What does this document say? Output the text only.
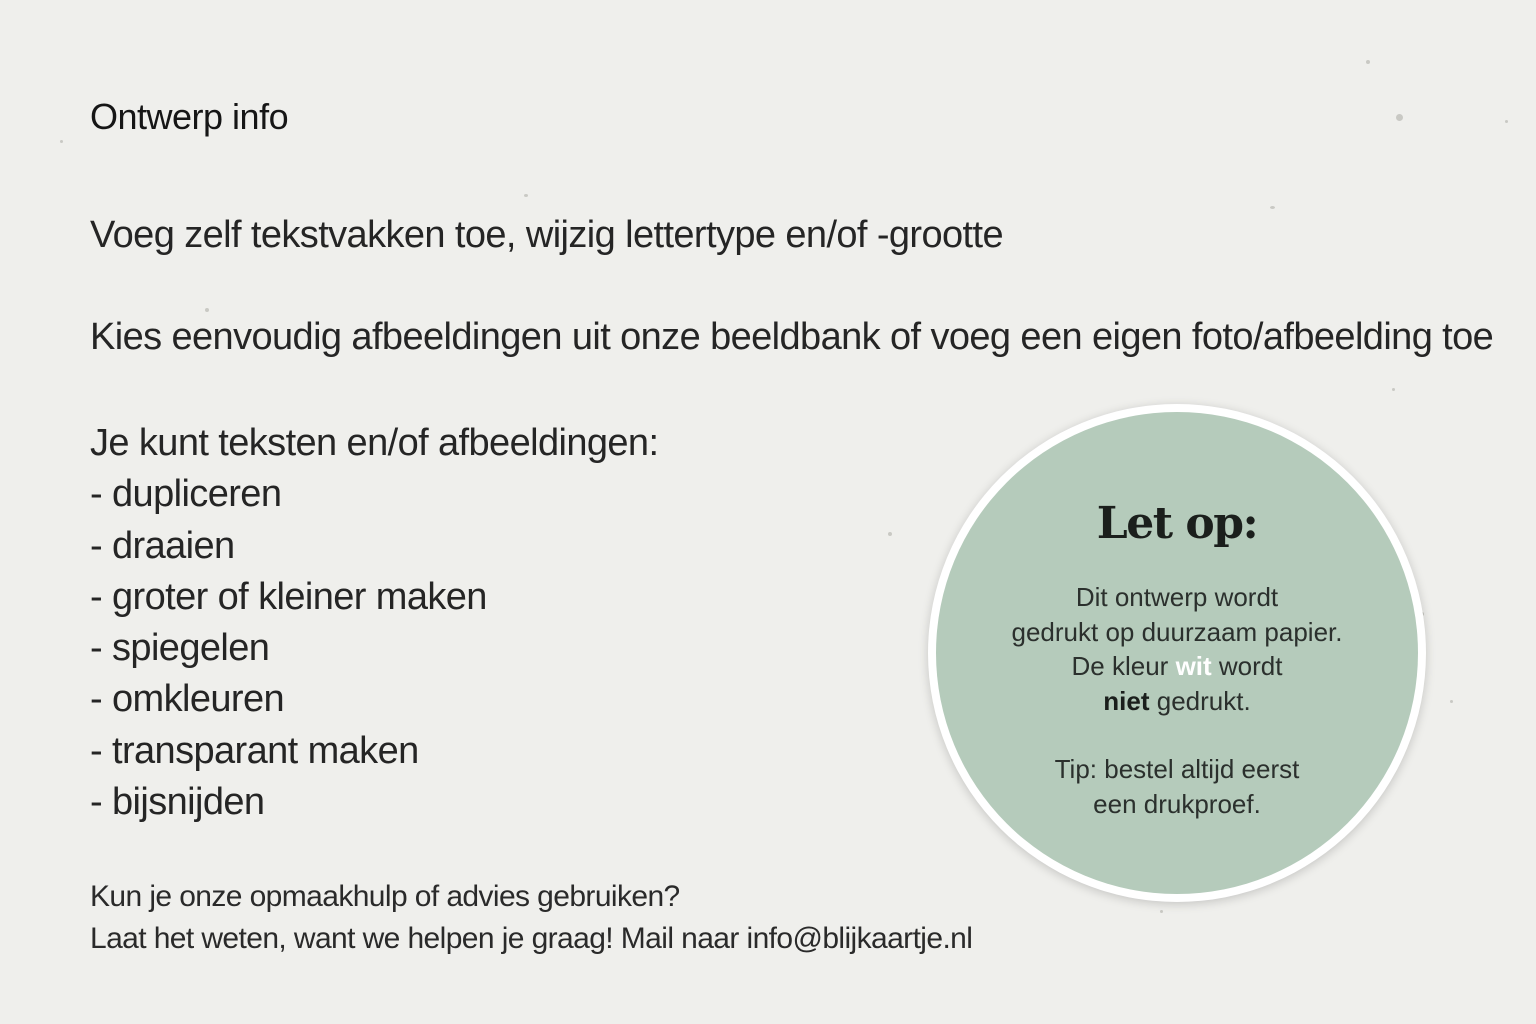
Ontwerp info
Voeg zelf tekstvakken toe, wijzig lettertype en/of -grootte
Kies eenvoudig afbeeldingen uit onze beeldbank of voeg een eigen foto/afbeelding toe
Je kunt teksten en/of afbeeldingen:
- dupliceren
- draaien
- groter of kleiner maken
- spiegelen
- omkleuren
- transparant maken
- bijsnijden
Kun je onze opmaakhulp of advies gebruiken?
Laat het weten, want we helpen je graag! Mail naar info@blijkaartje.nl
Let op:
Dit ontwerp wordt
gedrukt op duurzaam papier.
De kleur wit wordt
niet gedrukt.
Tip: bestel altijd eerst
een drukproef.
